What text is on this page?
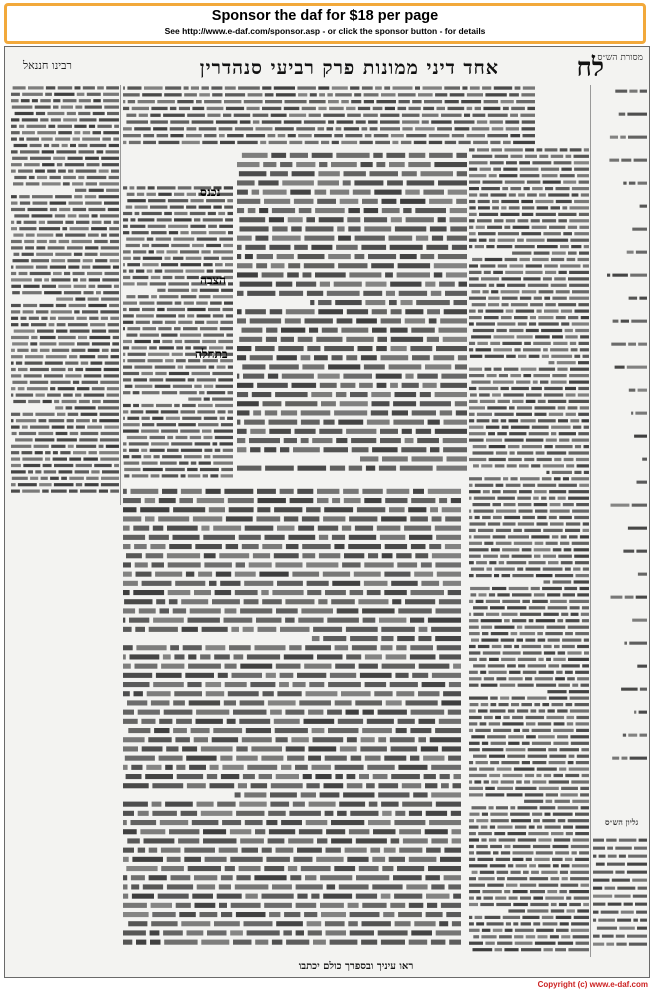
Sponsor the daf for $18 per page
See http://www.e-daf.com/sponsor.asp - or click the sponsor button - for details
מסורת הש״ס
לח
אחד דיני ממונות פרק רביעי סנהדרין
רבינו חננאל
נכנס
הצבה
בתחלה
גליון הש״ס
ראו עיניך ובספרך כולם יכתבו
Copyright (c) www.e-daf.com
